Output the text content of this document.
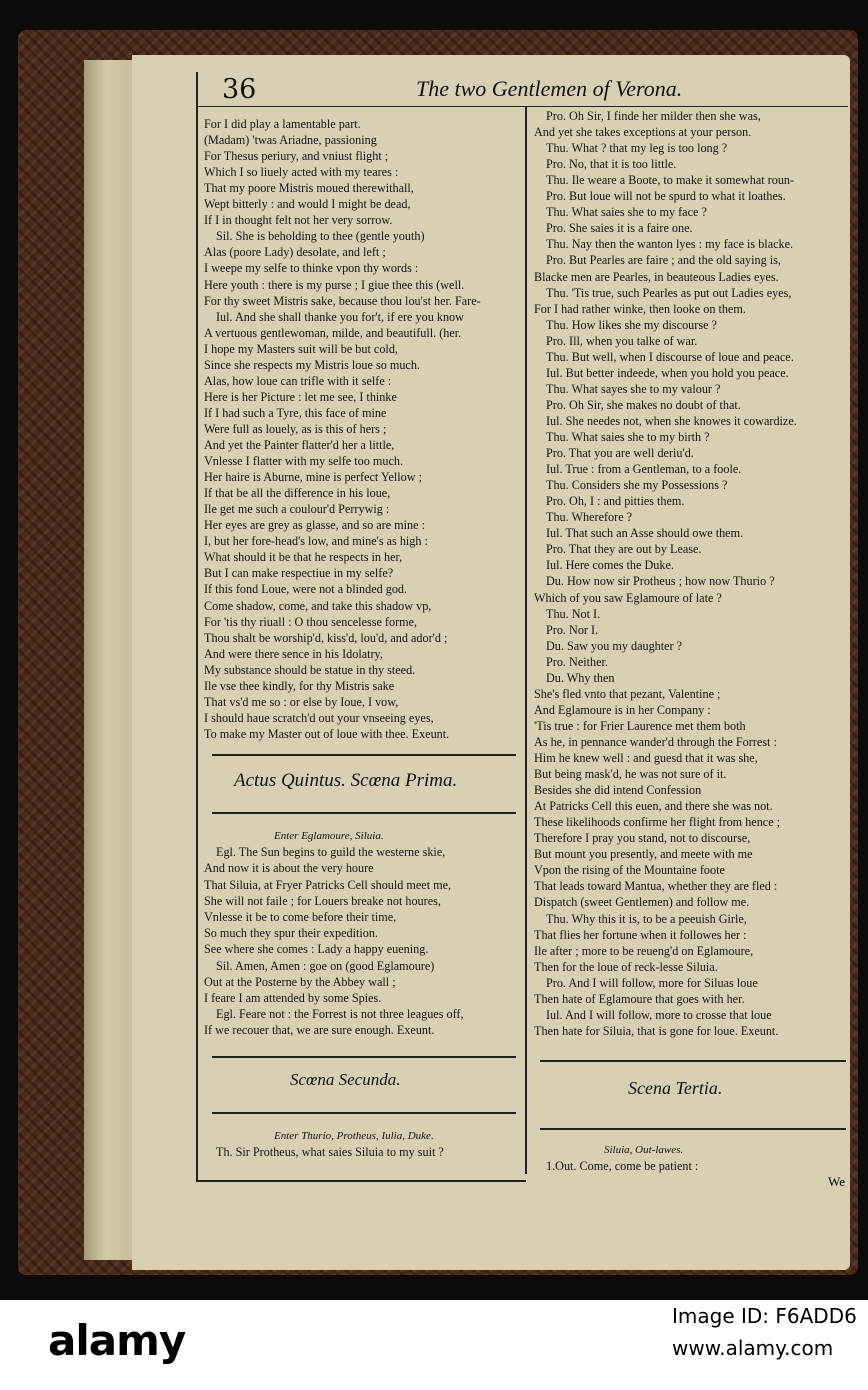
36	The two Gentlemen of Verona.
For I did play a lamentable part.
(Madam) 'twas Ariadne, passioning
For Thesus periury, and vniust flight ;
Which I so liuely acted with my teares :
That my poore Mistris moued therewithall,
Wept bitterly : and would I might be dead,
If I in thought felt not her very sorrow.
Sil. She is beholding to thee (gentle youth)
Alas (poore Lady) desolate, and left ;
I weepe my selfe to thinke vpon thy words :
Here youth : there is my purse ; I giue thee this (well.
For thy sweet Mistris sake, because thou lou'st her. Fare-
Iul. And she shall thanke you for't, if ere you know
A vertuous gentlewoman, milde, and beautifull. (her.
I hope my Masters suit will be but cold,
Since she respects my Mistris loue so much.
Alas, how loue can trifle with it selfe :
Here is her Picture : let me see, I thinke
If I had such a Tyre, this face of mine
Were full as louely, as is this of hers ;
And yet the Painter flatter'd her a little,
Vnlesse I flatter with my selfe too much.
Her haire is Aburne, mine is perfect Yellow ;
If that be all the difference in his loue,
Ile get me such a coulour'd Perrywig :
Her eyes are grey as glasse, and so are mine :
I, but her fore-head's low, and mine's as high :
What should it be that he respects in her,
But I can make respectiue in my selfe?
If this fond Loue, were not a blinded god.
Come shadow, come, and take this shadow vp,
For 'tis thy riuall : O thou sencelesse forme,
Thou shalt be worship'd, kiss'd, lou'd, and ador'd ;
And were there sence in his Idolatry,
My substance should be statue in thy steed.
Ile vse thee kindly, for thy Mistris sake
That vs'd me so : or else by Ioue, I vow,
I should haue scratch'd out your vnseeing eyes,
To make my Master out of loue with thee. Exeunt.
Actus Quintus. Scœna Prima.
Enter Eglamoure, Siluia.
Egl. The Sun begins to guild the westerne skie,
And now it is about the very houre
That Siluia, at Fryer Patricks Cell should meet me,
She will not faile ; for Louers breake not houres,
Vnlesse it be to come before their time,
So much they spur their expedition.
See where she comes : Lady a happy euening.
Sil. Amen, Amen : goe on (good Eglamoure)
Out at the Posterne by the Abbey wall ;
I feare I am attended by some Spies.
Egl. Feare not : the Forrest is not three leagues off,
If we recouer that, we are sure enough. Exeunt.
Scœna Secunda.
Enter Thurio, Protheus, Iulia, Duke.
Th. Sir Protheus, what saies Siluia to my suit ?
Pro. Oh Sir, I finde her milder then she was,
And yet she takes exceptions at your person.
Thu. What ? that my leg is too long ?
Pro. No, that it is too little.
Thu. Ile weare a Boote, to make it somewhat roun-
Pro. But loue will not be spurd to what it loathes.
Thu. What saies she to my face ?
Pro. She saies it is a faire one.
Thu. Nay then the wanton lyes : my face is blacke.
Pro. But Pearles are faire ; and the old saying is,
Blacke men are Pearles, in beauteous Ladies eyes.
Thu. 'Tis true, such Pearles as put out Ladies eyes,
For I had rather winke, then looke on them.
Thu. How likes she my discourse ?
Pro. Ill, when you talke of war.
Thu. But well, when I discourse of loue and peace.
Iul. But better indeede, when you hold you peace.
Thu. What sayes she to my valour ?
Pro. Oh Sir, she makes no doubt of that.
Iul. She needes not, when she knowes it cowardize.
Thu. What saies she to my birth ?
Pro. That you are well deriu'd.
Iul. True : from a Gentleman, to a foole.
Thu. Considers she my Possessions ?
Pro. Oh, I : and pitties them.
Thu. Wherefore ?
Iul. That such an Asse should owe them.
Pro. That they are out by Lease.
Iul. Here comes the Duke.
Du. How now sir Protheus ; how now Thurio ?
Which of you saw Eglamoure of late ?
Thu. Not I.
Pro. Nor I.
Du. Saw you my daughter ?
Pro. Neither.
Du. Why then
She's fled vnto that pezant, Valentine ;
And Eglamoure is in her Company :
'Tis true : for Frier Laurence met them both
As he, in pennance wander'd through the Forrest :
Him he knew well : and guesd that it was she,
But being mask'd, he was not sure of it.
Besides she did intend Confession
At Patricks Cell this euen, and there she was not.
These likelihoods confirme her flight from hence ;
Therefore I pray you stand, not to discourse,
But mount you presently, and meete with me
Vpon the rising of the Mountaine foote
That leads toward Mantua, whether they are fled :
Dispatch (sweet Gentlemen) and follow me.
Thu. Why this it is, to be a peeuish Girle,
That flies her fortune when it followes her :
Ile after ; more to be reueng'd on Eglamoure,
Then for the loue of reck-lesse Siluia.
Pro. And I will follow, more for Siluas loue
Then hate of Eglamoure that goes with her.
Iul. And I will follow, more to crosse that loue
Then hate for Siluia, that is gone for loue. Exeunt.
Scena Tertia.
Siluia, Out-lawes.
1.Out. Come, come be patient :
We
alamy	Image ID: F6ADD6
www.alamy.com
